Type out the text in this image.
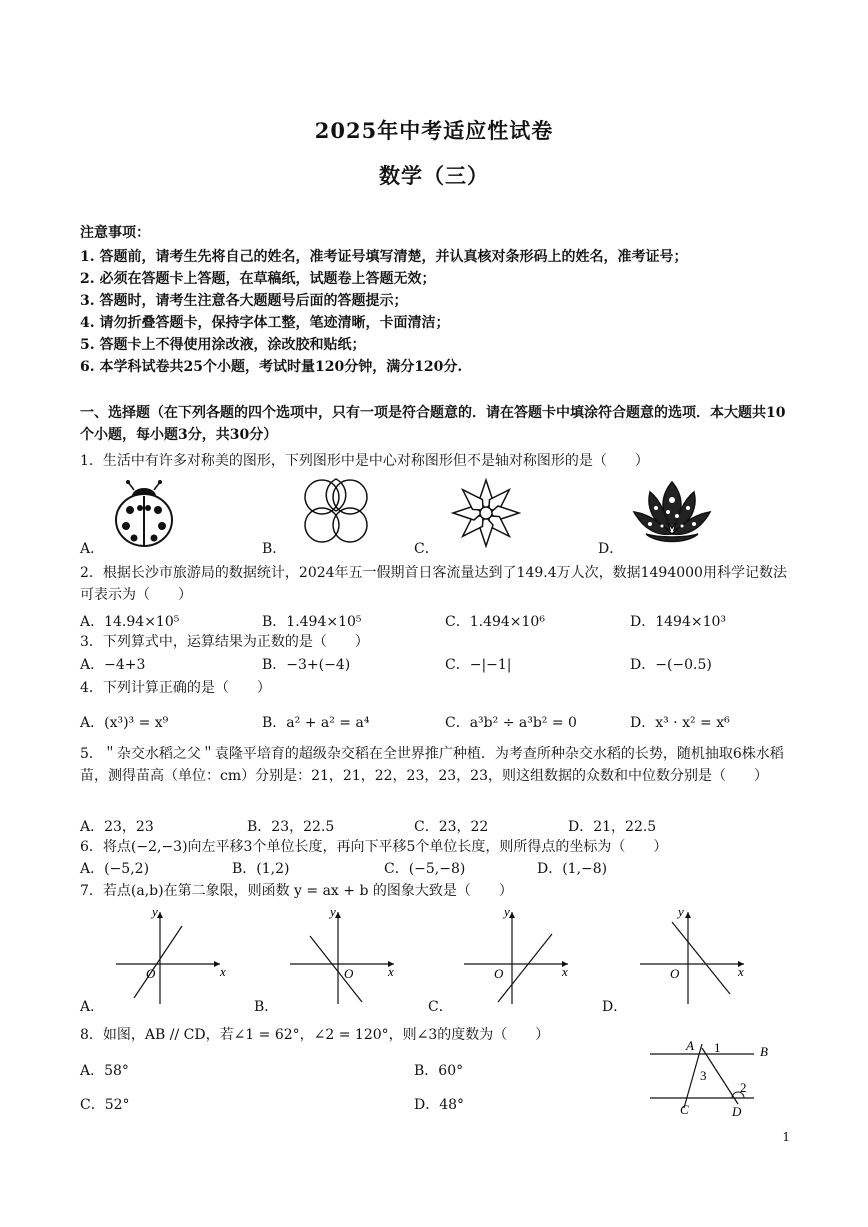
2025年中考适应性试卷
数学（三）
注意事项：
1. 答题前，请考生先将自己的姓名，准考证号填写清楚，并认真核对条形码上的姓名，准考证号；
2. 必须在答题卡上答题，在草稿纸，试题卷上答题无效；
3. 答题时，请考生注意各大题题号后面的答题提示；
4. 请勿折叠答题卡，保持字体工整，笔迹清晰，卡面清洁；
5. 答题卡上不得使用涂改液，涂改胶和贴纸；
6. 本学科试卷共25个小题，考试时量120分钟，满分120分.
一、选择题（在下列各题的四个选项中，只有一项是符合题意的．请在答题卡中填涂符合题意的选项．本大题共10个小题，每小题3分，共30分）
1．生活中有许多对称美的图形，下列图形中是中心对称图形但不是轴对称图形的是（　　）
A．	B．	C．	D．
2．根据长沙市旅游局的数据统计，2024年五一假期首日客流量达到了149.4万人次，数据1494000用科学记数法可表示为（　　）
A．14.94×10⁵	B．1.494×10⁵	C．1.494×10⁶	D．1494×10³
3．下列算式中，运算结果为正数的是（　　）
A．−4+3	B．−3+(−4)	C．−|−1|	D．−(−0.5)
4．下列计算正确的是（　　）
A．(x³)³ = x⁹	B．a² + a² = a⁴	C．a³b² ÷ a³b² = 0	D．x³ · x² = x⁶
5．＂杂交水稻之父＂袁隆平培育的超级杂交稻在全世界推广种植．为考查所种杂交水稻的长势，随机抽取6株水稻苗，测得苗高（单位：cm）分别是：21，21，22，23，23，23，则这组数据的众数和中位数分别是（　　）
A．23，23	B．23，22.5	C．23，22	D．21，22.5
6．将点(−2,−3)向左平移3个单位长度，再向下平移5个单位长度，则所得点的坐标为（　　）
A．(−5,2)	B．(1,2)	C．(−5,−8)	D．(1,−8)
7．若点(a,b)在第二象限，则函数 y = ax + b 的图象大致是（　　）
x
y
O	x
y
O	x
y
O	x
y
O
A．	B．	C．	D．
8．如图，AB // CD，若∠1 = 62°，∠2 = 120°，则∠3的度数为（　　）
A．58°	B．60°
C．52°	D．48°
A	B
C	D
1
2
3
1
